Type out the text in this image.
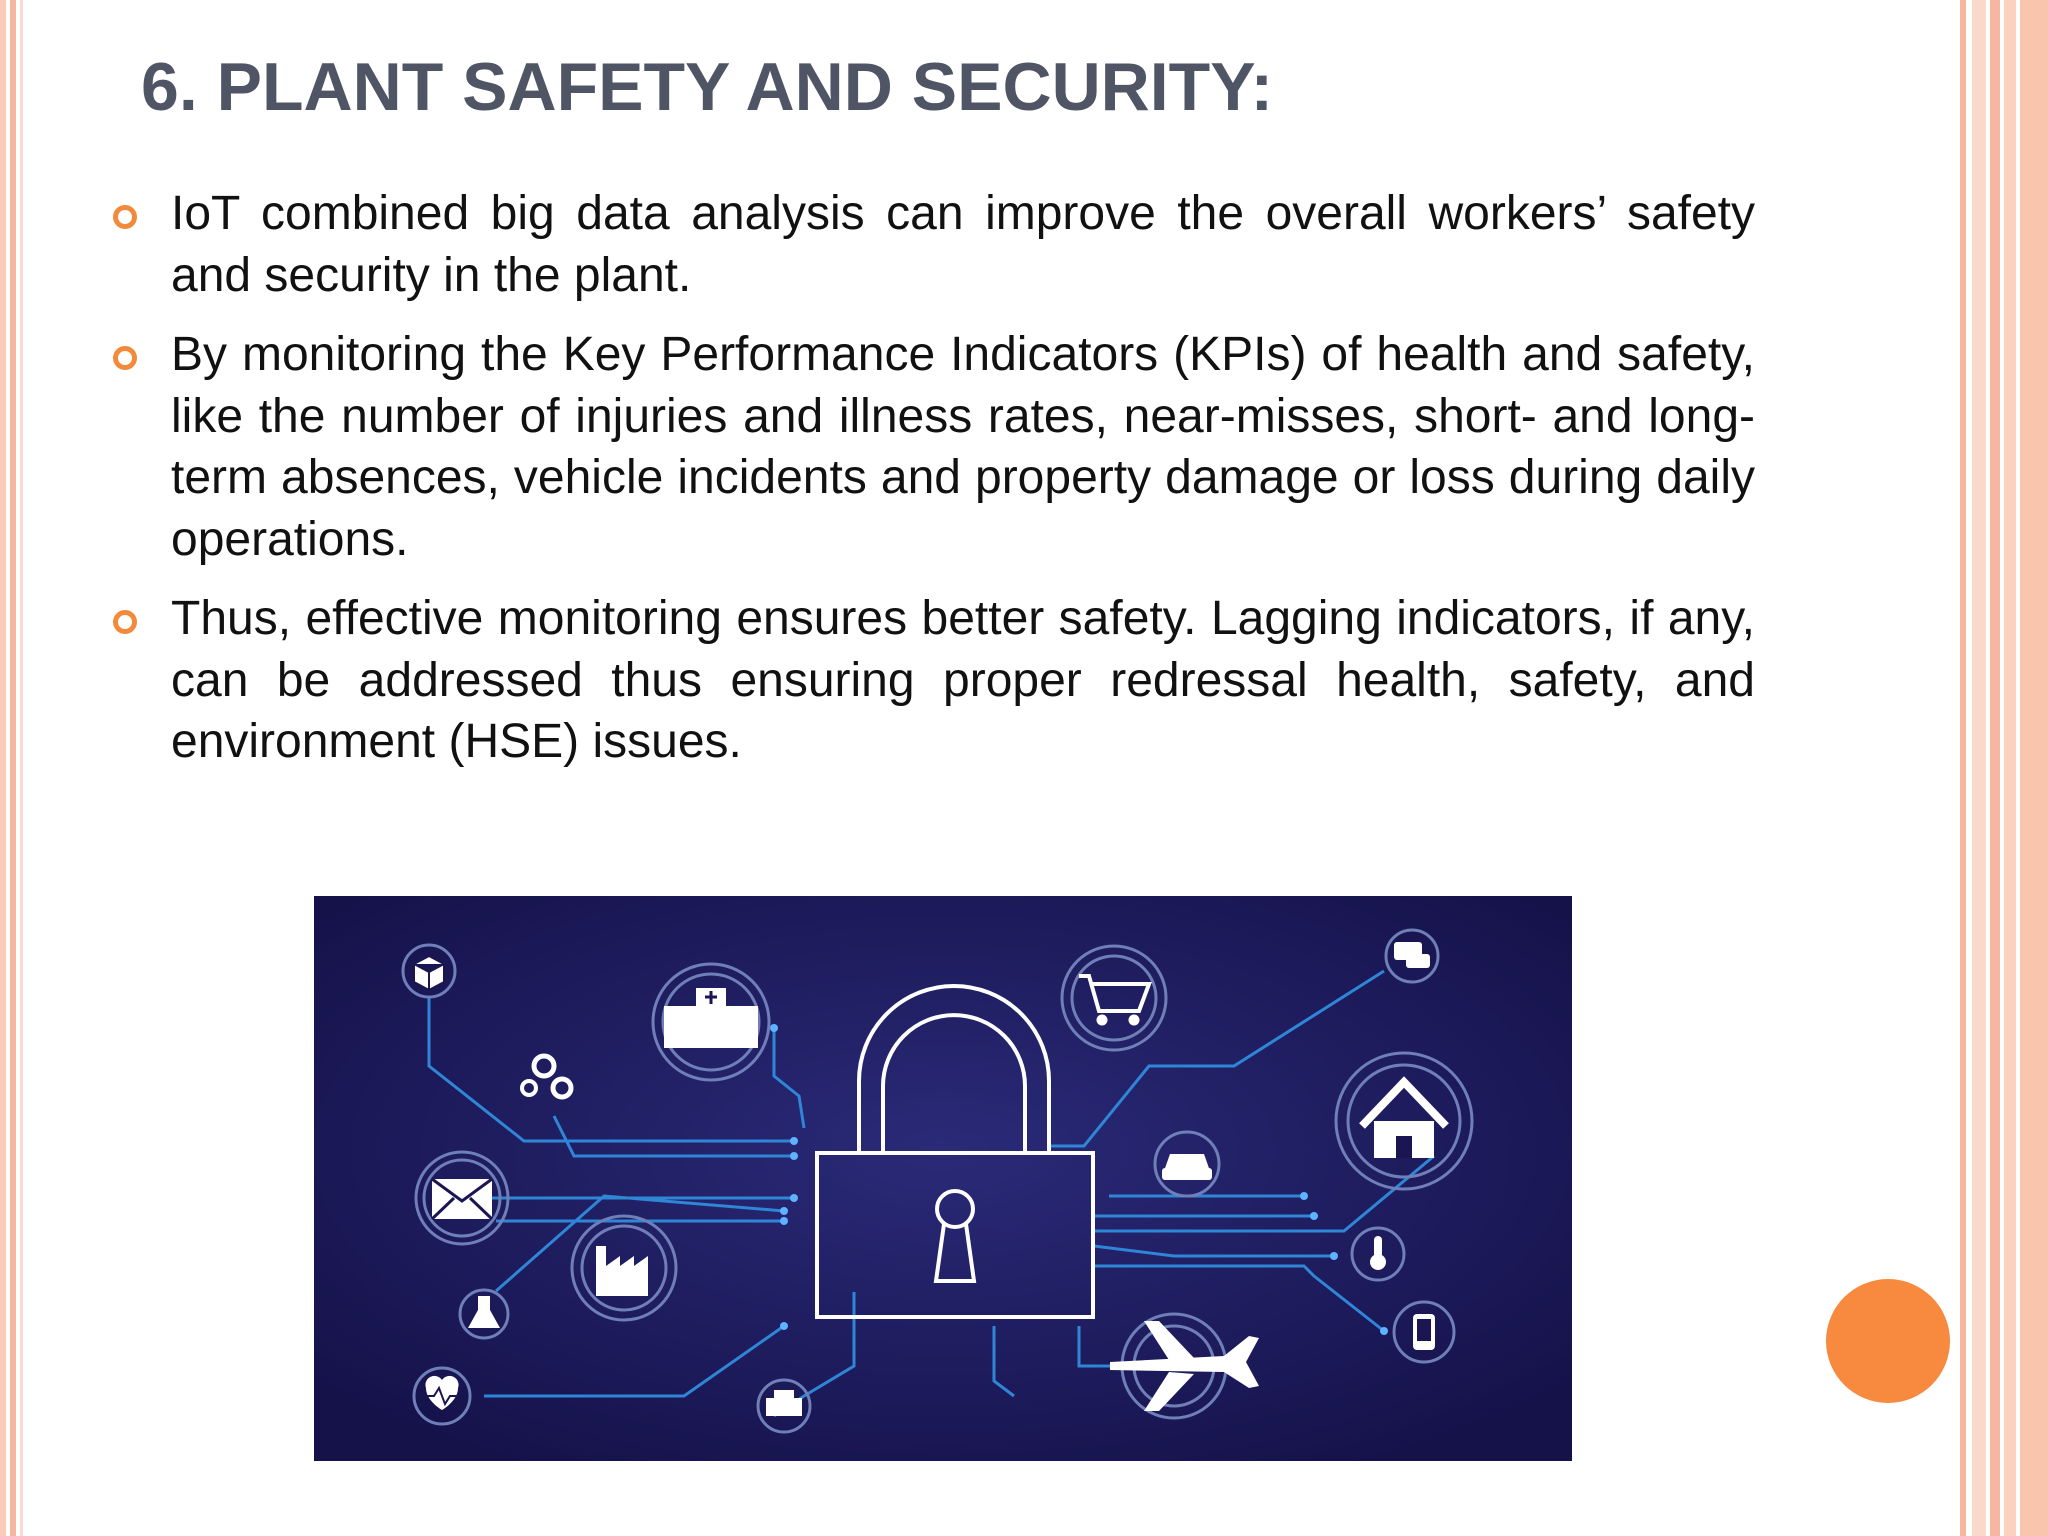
6. PLANT SAFETY AND SECURITY:
IoT combined big data analysis can improve the overall workers’ safety and security in the plant.
By monitoring the Key Performance Indicators (KPIs) of health and safety, like the number of injuries and illness rates, near-misses, short- and long-term absences, vehicle incidents and property damage or loss during daily operations.
Thus, effective monitoring ensures better safety. Lagging indicators, if any, can be addressed thus ensuring proper redressal health, safety, and environment (HSE) issues.
